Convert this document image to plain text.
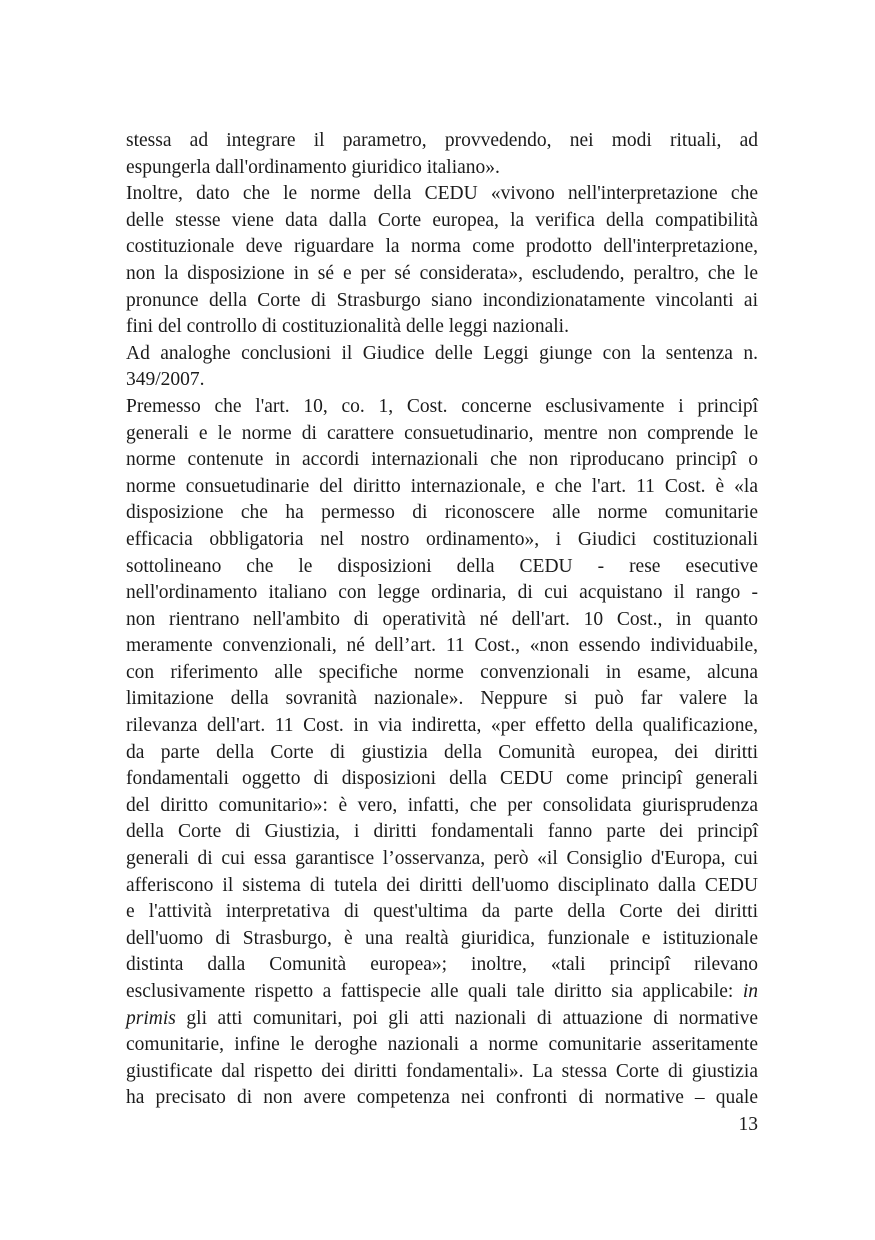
stessa ad integrare il parametro, provvedendo, nei modi rituali, ad
espungerla dall'ordinamento giuridico italiano».
Inoltre, dato che le norme della CEDU «vivono nell'interpretazione che
delle stesse viene data dalla Corte europea, la verifica della compatibilità
costituzionale deve riguardare la norma come prodotto dell'interpretazione,
non la disposizione in sé e per sé considerata», escludendo, peraltro, che le
pronunce della Corte di Strasburgo siano incondizionatamente vincolanti ai
fini del controllo di costituzionalità delle leggi nazionali.
Ad analoghe conclusioni il Giudice delle Leggi giunge con la sentenza n.
349/2007.
Premesso che l'art. 10, co. 1, Cost. concerne esclusivamente i principî
generali e le norme di carattere consuetudinario, mentre non comprende le
norme contenute in accordi internazionali che non riproducano principî o
norme consuetudinarie del diritto internazionale, e che l'art. 11 Cost. è «la
disposizione che ha permesso di riconoscere alle norme comunitarie
efficacia obbligatoria nel nostro ordinamento», i Giudici costituzionali
sottolineano che le disposizioni della CEDU - rese esecutive
nell'ordinamento italiano con legge ordinaria, di cui acquistano il rango -
non rientrano nell'ambito di operatività né dell'art. 10 Cost., in quanto
meramente convenzionali, né dell’art. 11 Cost., «non essendo individuabile,
con riferimento alle specifiche norme convenzionali in esame, alcuna
limitazione della sovranità nazionale». Neppure si può far valere la
rilevanza dell'art. 11 Cost. in via indiretta, «per effetto della qualificazione,
da parte della Corte di giustizia della Comunità europea, dei diritti
fondamentali oggetto di disposizioni della CEDU come principî generali
del diritto comunitario»: è vero, infatti, che per consolidata giurisprudenza
della Corte di Giustizia, i diritti fondamentali fanno parte dei principî
generali di cui essa garantisce l’osservanza, però «il Consiglio d'Europa, cui
afferiscono il sistema di tutela dei diritti dell'uomo disciplinato dalla CEDU
e l'attività interpretativa di quest'ultima da parte della Corte dei diritti
dell'uomo di Strasburgo, è una realtà giuridica, funzionale e istituzionale
distinta dalla Comunità europea»; inoltre, «tali principî rilevano
esclusivamente rispetto a fattispecie alle quali tale diritto sia applicabile: in
primis gli atti comunitari, poi gli atti nazionali di attuazione di normative
comunitarie, infine le deroghe nazionali a norme comunitarie asseritamente
giustificate dal rispetto dei diritti fondamentali». La stessa Corte di giustizia
ha precisato di non avere competenza nei confronti di normative – quale
13
